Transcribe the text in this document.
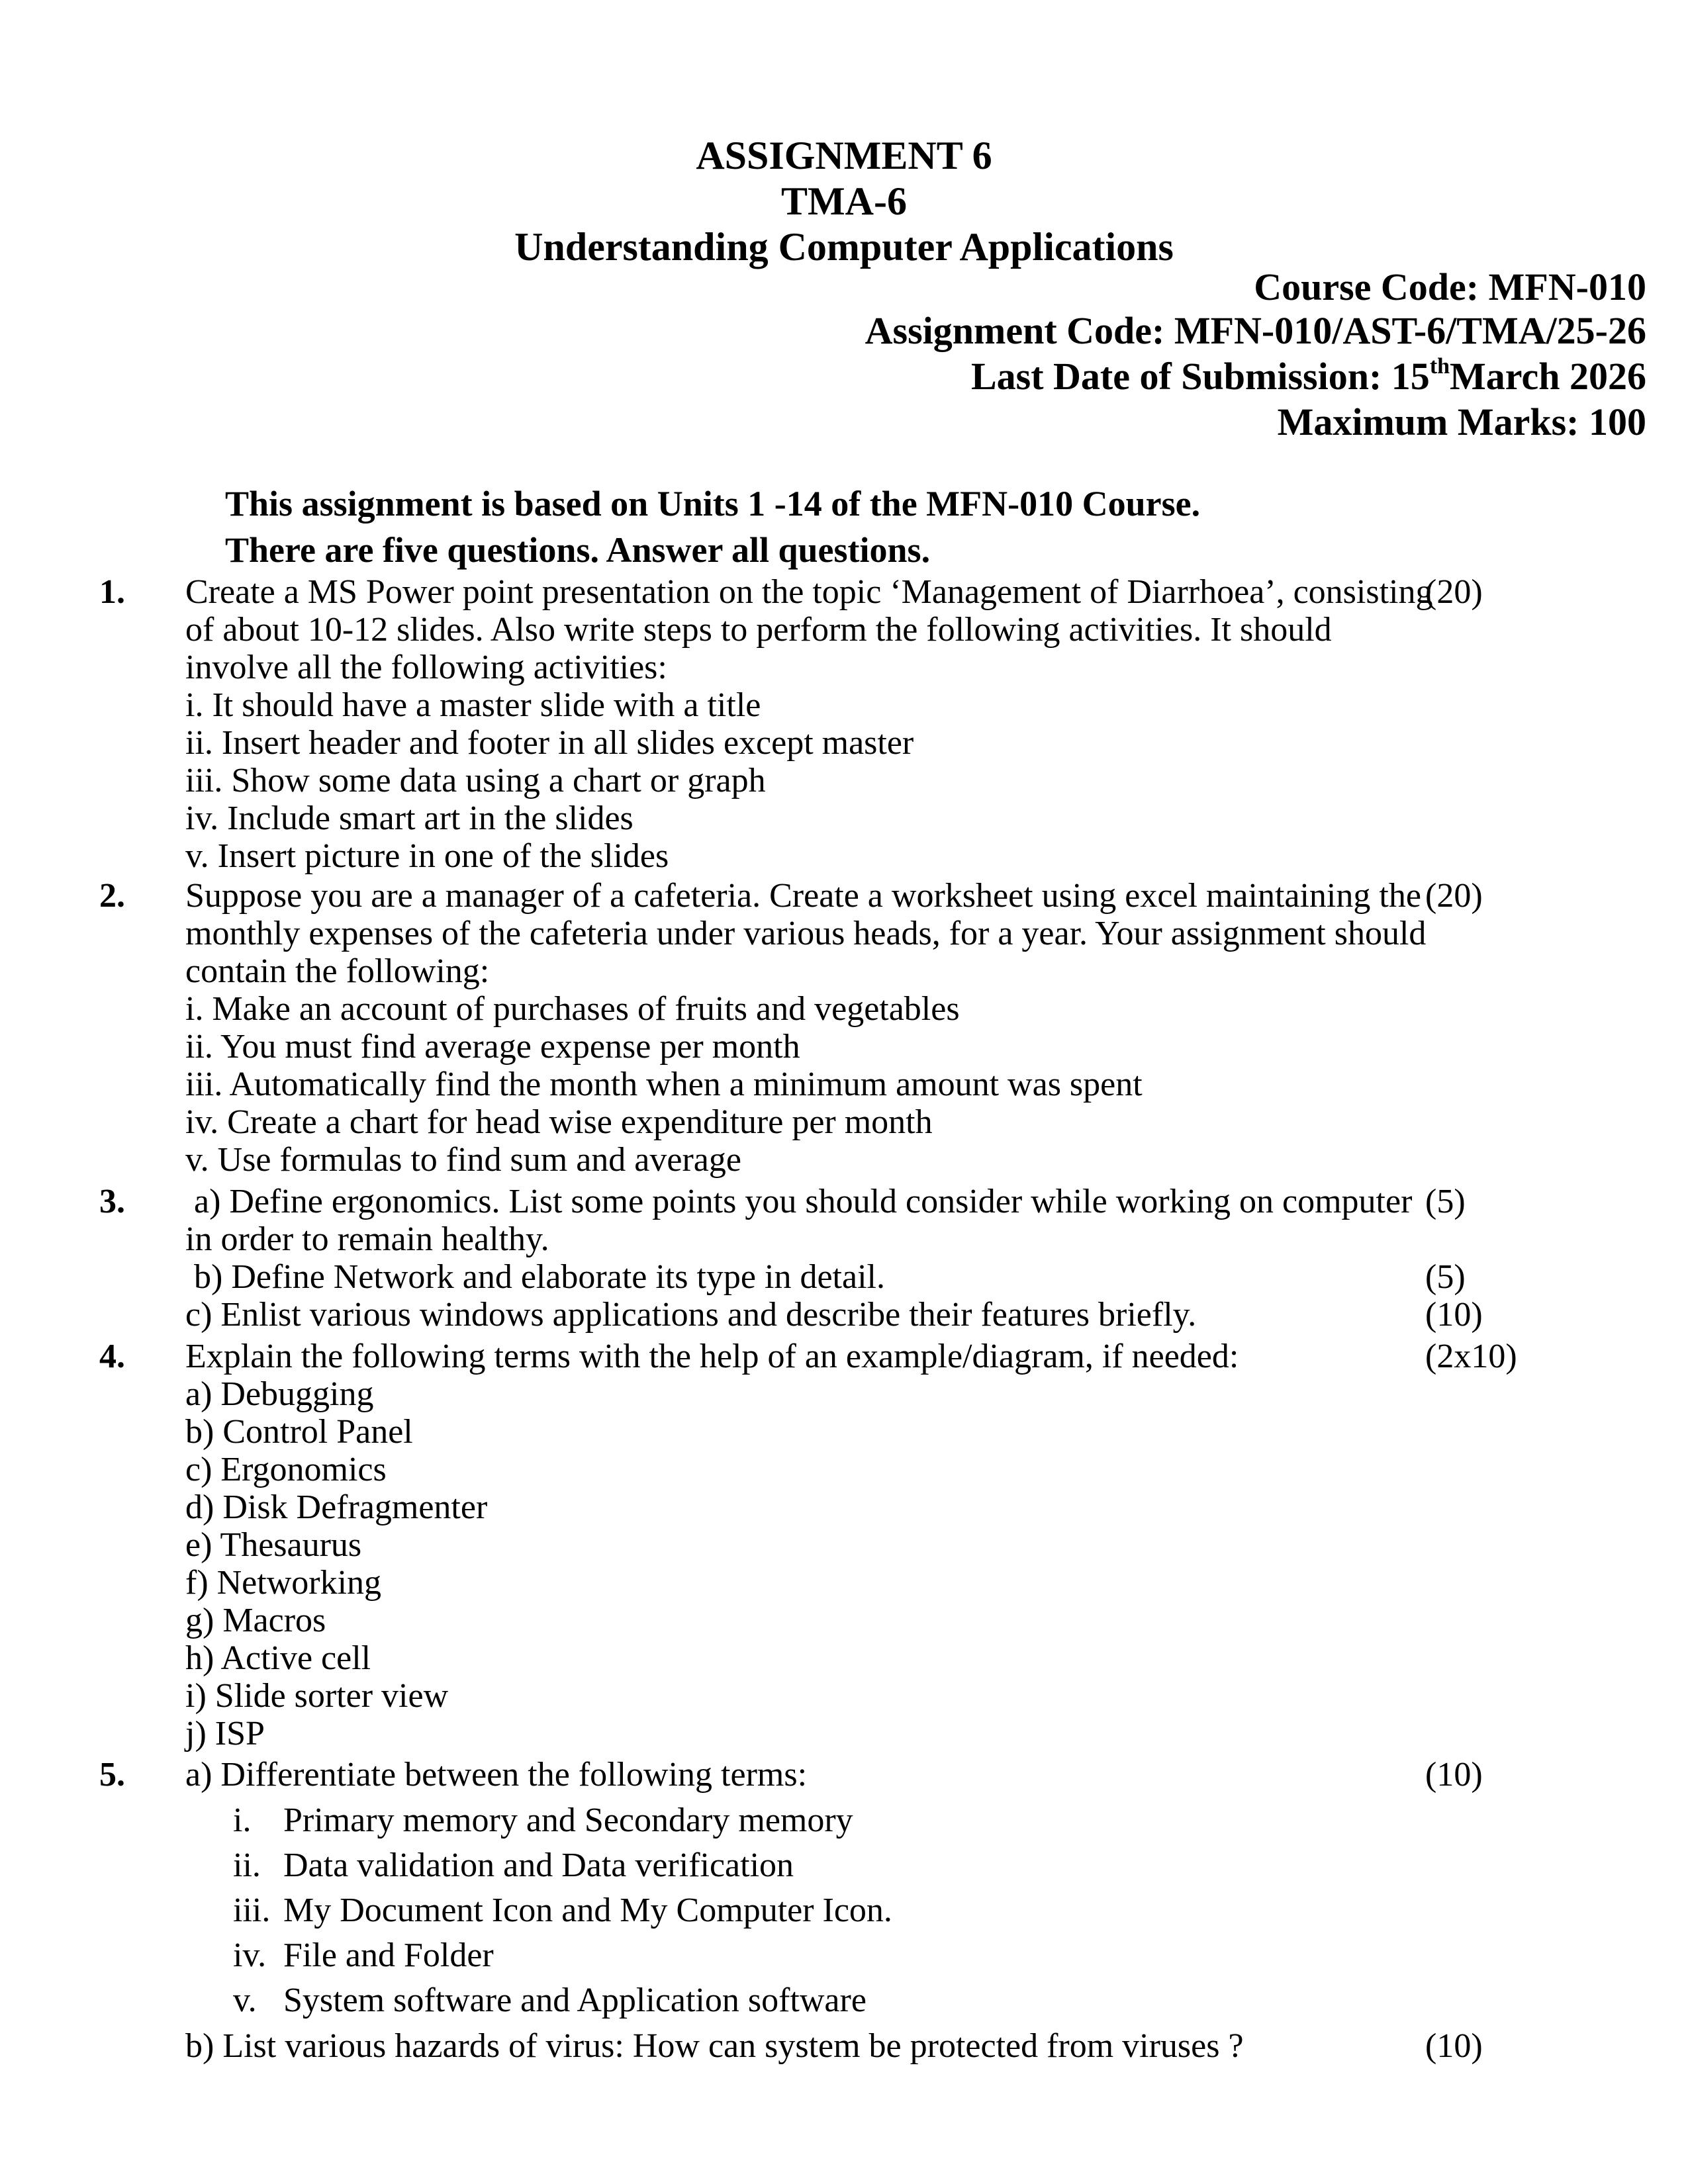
ASSIGNMENT 6
TMA-6
Understanding Computer Applications
Course Code: MFN-010
Assignment Code: MFN-010/AST-6/TMA/25-26
Last Date of Submission: 15thMarch 2026
Maximum Marks: 100
This assignment is based on Units 1 -14 of the MFN-010 Course.
There are five questions. Answer all questions.
1. Create a MS Power point presentation on the topic ‘Management of Diarrhoea’, consisting
(20)
of about 10-12 slides. Also write steps to perform the following activities. It should
involve all the following activities:
i. It should have a master slide with a title
ii. Insert header and footer in all slides except master
iii. Show some data using a chart or graph
iv. Include smart art in the slides
v. Insert picture in one of the slides
2. Suppose you are a manager of a cafeteria. Create a worksheet using excel maintaining the (20)
monthly expenses of the cafeteria under various heads, for a year. Your assignment should
contain the following:
i. Make an account of purchases of fruits and vegetables
ii. You must find average expense per month
iii. Automatically find the month when a minimum amount was spent
iv. Create a chart for head wise expenditure per month
v. Use formulas to find sum and average
3. a) Define ergonomics. List some points you should consider while working on computer (5)
in order to remain healthy.
b) Define Network and elaborate its type in detail.	(5)
c) Enlist various windows applications and describe their features briefly.	(10)
4. Explain the following terms with the help of an example/diagram, if needed:	(2x10)
a) Debugging
b) Control Panel
c) Ergonomics
d) Disk Defragmenter
e) Thesaurus
f) Networking
g) Macros
h) Active cell
i) Slide sorter view
j) ISP
5. a) Differentiate between the following terms:	(10)
i. Primary memory and Secondary memory
ii. Data validation and Data verification
iii. My Document Icon and My Computer Icon.
iv. File and Folder
v. System software and Application software
b) List various hazards of virus: How can system be protected from viruses ?	(10)
